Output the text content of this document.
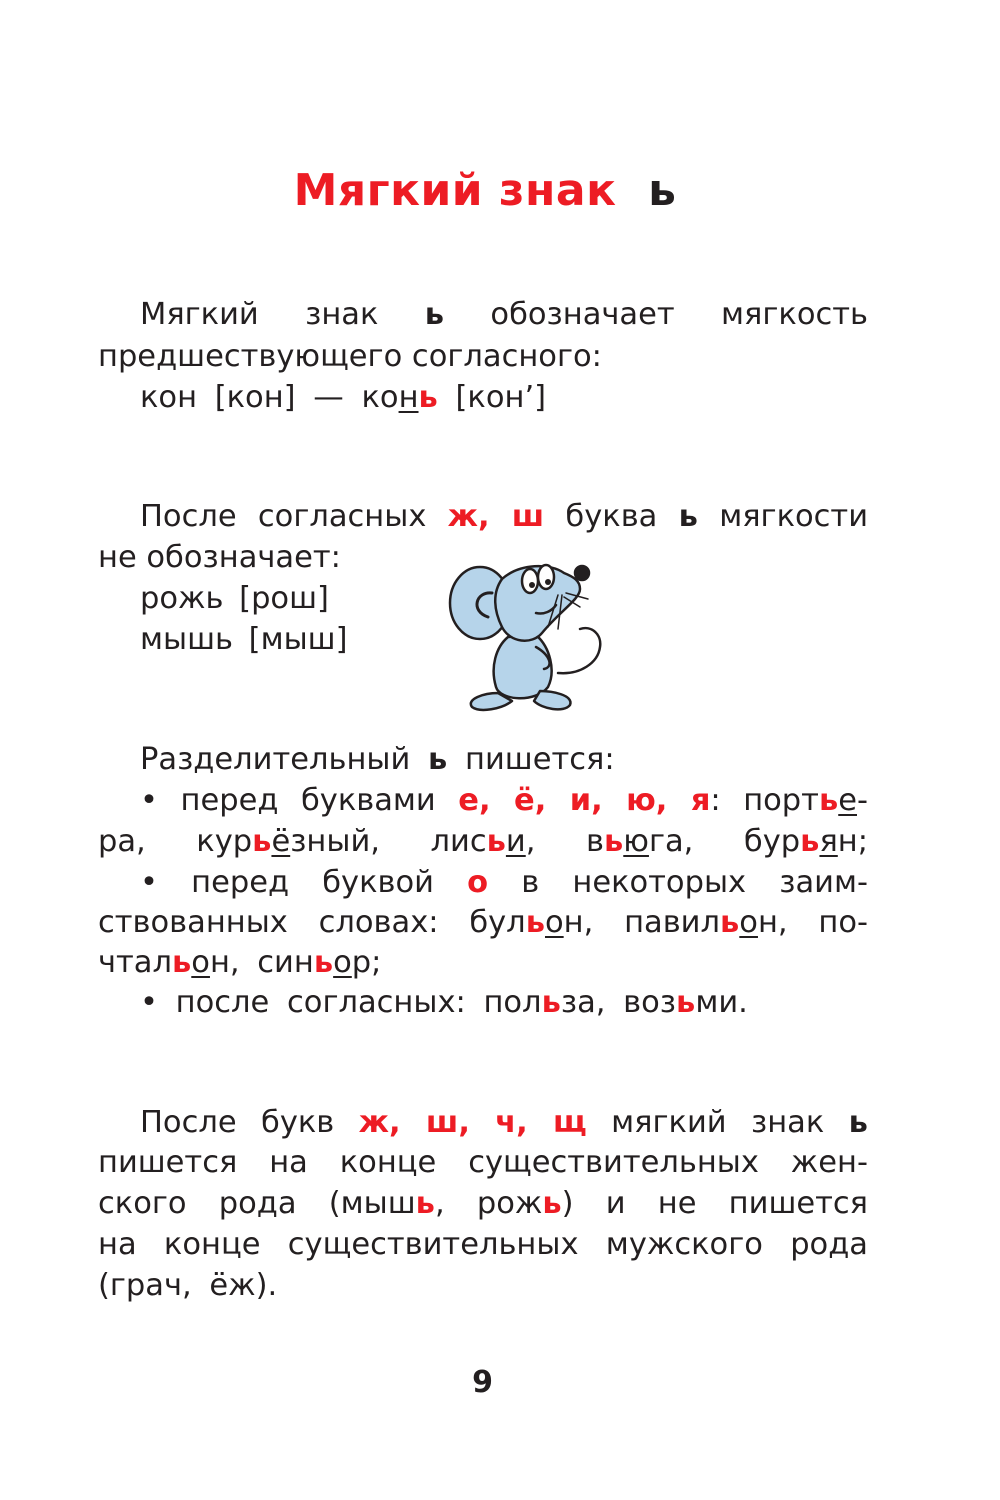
Мягкий знак ь
Мягкий знак ь обозначает мягкость
предшествующего согласного:
кон [кон] — конь [кон’]
После согласных ж, ш буква ь мягкости
не обозначает:
рожь [рош]
мышь [мыш]
Разделительный ь пишется:
• перед буквами е, ё, и, ю, я: портье-
ра, курьёзный, лисьи, вьюга, бурьян;
• перед буквой о в некоторых заим-
ствованных словах: бульон, павильон, по-
чтальон, синьор;
• после согласных: польза, возьми.
После букв ж, ш, ч, щ мягкий знак ь
пишется на конце существительных жен-
ского рода (мышь, рожь) и не пишется
на конце существительных мужского рода
(грач, ёж).
9
